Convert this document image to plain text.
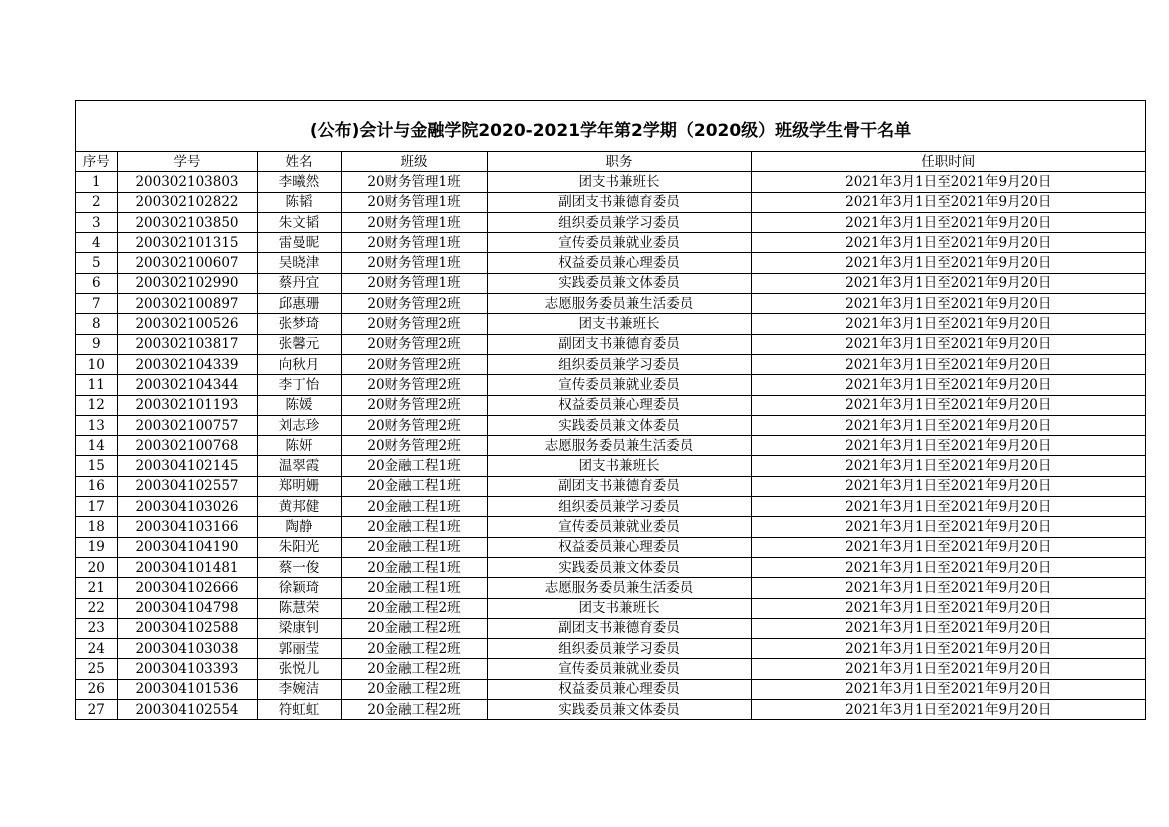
(公布)会计与金融学院2020-2021学年第2学期（2020级）班级学生骨干名单
序号	学号	姓名	班级	职务	任职时间
1	200302103803	李曦然	20财务管理1班	团支书兼班长	2021年3月1日至2021年9月20日
2	200302102822	陈韬	20财务管理1班	副团支书兼德育委员	2021年3月1日至2021年9月20日
3	200302103850	朱文韬	20财务管理1班	组织委员兼学习委员	2021年3月1日至2021年9月20日
4	200302101315	雷曼昵	20财务管理1班	宣传委员兼就业委员	2021年3月1日至2021年9月20日
5	200302100607	吴晓津	20财务管理1班	权益委员兼心理委员	2021年3月1日至2021年9月20日
6	200302102990	蔡丹宜	20财务管理1班	实践委员兼文体委员	2021年3月1日至2021年9月20日
7	200302100897	邱惠珊	20财务管理2班	志愿服务委员兼生活委员	2021年3月1日至2021年9月20日
8	200302100526	张梦琦	20财务管理2班	团支书兼班长	2021年3月1日至2021年9月20日
9	200302103817	张馨元	20财务管理2班	副团支书兼德育委员	2021年3月1日至2021年9月20日
10	200302104339	向秋月	20财务管理2班	组织委员兼学习委员	2021年3月1日至2021年9月20日
11	200302104344	李丁怡	20财务管理2班	宣传委员兼就业委员	2021年3月1日至2021年9月20日
12	200302101193	陈媛	20财务管理2班	权益委员兼心理委员	2021年3月1日至2021年9月20日
13	200302100757	刘志珍	20财务管理2班	实践委员兼文体委员	2021年3月1日至2021年9月20日
14	200302100768	陈妍	20财务管理2班	志愿服务委员兼生活委员	2021年3月1日至2021年9月20日
15	200304102145	温翠霞	20金融工程1班	团支书兼班长	2021年3月1日至2021年9月20日
16	200304102557	郑明姗	20金融工程1班	副团支书兼德育委员	2021年3月1日至2021年9月20日
17	200304103026	黄邦健	20金融工程1班	组织委员兼学习委员	2021年3月1日至2021年9月20日
18	200304103166	陶静	20金融工程1班	宣传委员兼就业委员	2021年3月1日至2021年9月20日
19	200304104190	朱阳光	20金融工程1班	权益委员兼心理委员	2021年3月1日至2021年9月20日
20	200304101481	蔡一俊	20金融工程1班	实践委员兼文体委员	2021年3月1日至2021年9月20日
21	200304102666	徐颖琦	20金融工程1班	志愿服务委员兼生活委员	2021年3月1日至2021年9月20日
22	200304104798	陈慧荣	20金融工程2班	团支书兼班长	2021年3月1日至2021年9月20日
23	200304102588	梁康钊	20金融工程2班	副团支书兼德育委员	2021年3月1日至2021年9月20日
24	200304103038	郭丽莹	20金融工程2班	组织委员兼学习委员	2021年3月1日至2021年9月20日
25	200304103393	张悦儿	20金融工程2班	宣传委员兼就业委员	2021年3月1日至2021年9月20日
26	200304101536	李婉洁	20金融工程2班	权益委员兼心理委员	2021年3月1日至2021年9月20日
27	200304102554	符虹虹	20金融工程2班	实践委员兼文体委员	2021年3月1日至2021年9月20日
